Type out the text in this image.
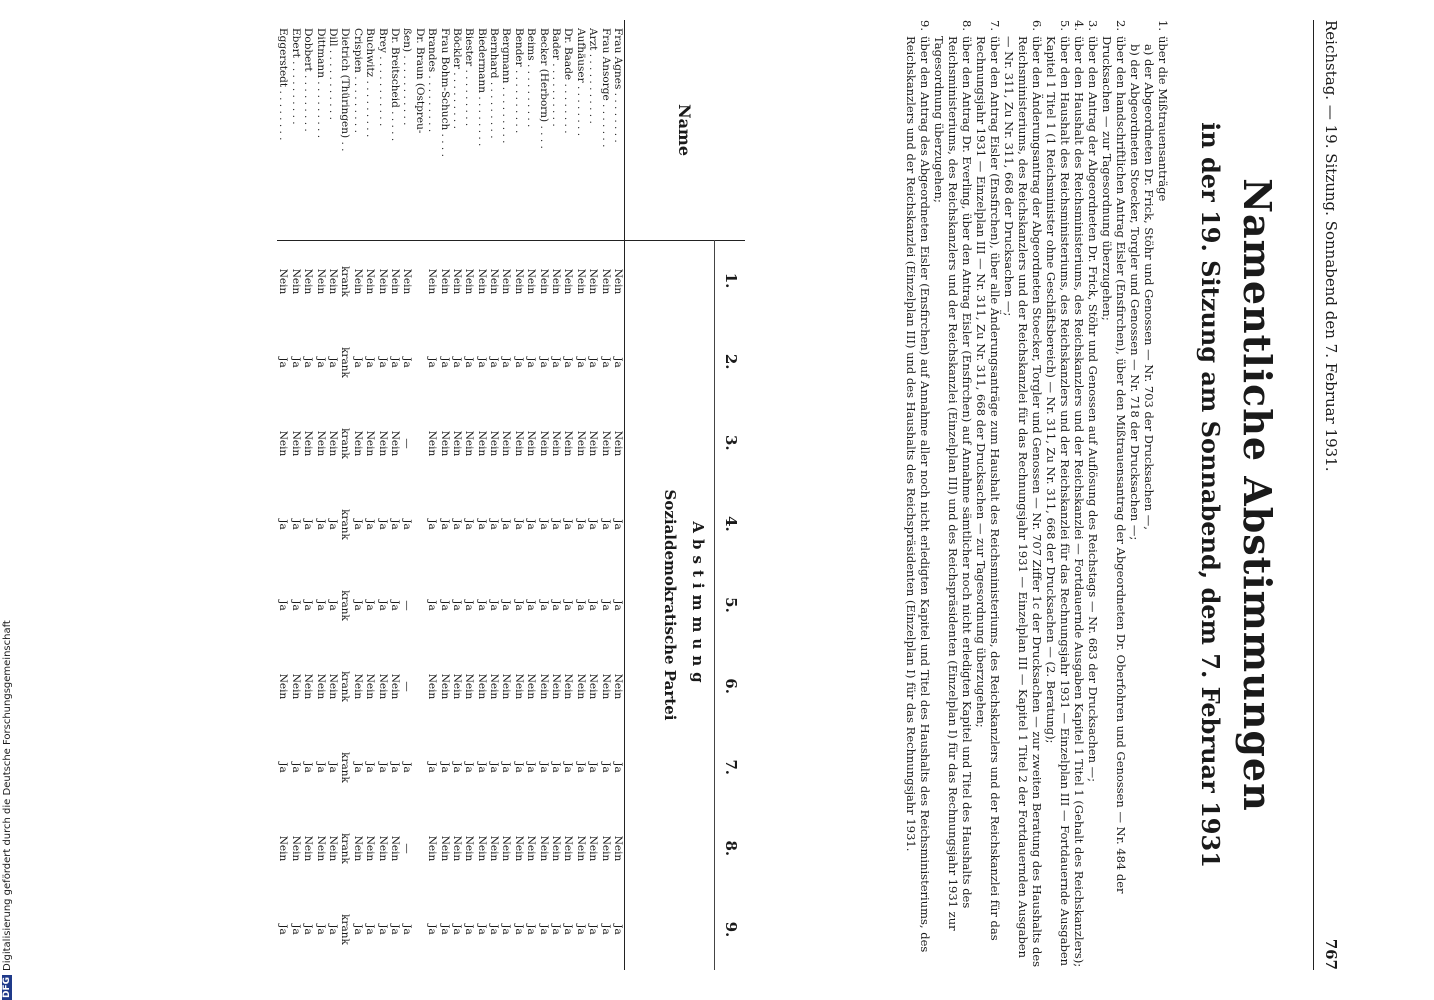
Reichstag. — 19. Sitzung. Sonnabend den 7. Februar 1931.
767
Namentliche Abstimmungen
in der 19. Sitzung am Sonnabend, dem 7. Februar 1931
1.
über die Mißtrauensanträge
a) der Abgeordneten Dr. Frick, Stöhr und Genossen — Nr. 703 der Drucksachen —,
b) der Abgeordneten Stoecker, Torgler und Genossen — Nr. 718 der Drucksachen —;
2.
über den handschriftlichen Antrag Eisler (Ensfirchen), über den Mißtrauensantrag der Abgeordneten Dr. Oberfohren und Genossen — Nr. 484 der Drucksachen — zur Tagesordnung überzugehen;
3.
über den Antrag der Abgeordneten Dr. Frick, Stöhr und Genossen auf Auflösung des Reichstags — Nr. 683 der Drucksachen —;
4.
über den Haushalt des Reichsministeriums, des Reichskanzlers und der Reichskanzlei — Fortdauernde Ausgaben Kapitel 1 Titel 1 (Gehalt des Reichskanzlers);
5.
über den Haushalt des Reichsministeriums, des Reichskanzlers und der Reichskanzlei für das Rechnungsjahr 1931 — Einzelplan III — Fortdauernde Ausgaben Kapitel 1 Titel 1 (1 Reichsminister ohne Geschäftsbereich) — Nr. 311, Zu Nr. 311, 668 der Drucksachen — (2. Beratung);
6.
über den Änderungsantrag der Abgeordneten Stoecker, Torgler und Genossen — Nr. 707 Ziffer 1c der Drucksachen — zur zweiten Beratung des Haushalts des Reichsministeriums, des Reichskanzlers und der Reichskanzlei für das Rechnungsjahr 1931 — Einzelplan III — Kapitel 1 Titel 2 der Fortdauernden Ausgaben — Nr. 311, Zu Nr. 311, 668 der Drucksachen —;
7.
über den Antrag Eisler (Ensfirchen), über alle Änderungsanträge zum Haushalt des Reichsministeriums, des Reichskanzlers und der Reichskanzlei für das Rechnungsjahr 1931 — Einzelplan III — Nr. 311, Zu Nr. 311, 668 der Drucksachen — zur Tagesordnung überzugehen;
8.
über den Antrag Dr. Everling, über den Antrag Eisler (Ensfirchen) auf Annahme sämtlicher noch nicht erledigten Kapitel und Titel des Haushalts des Reichsministeriums, des Reichskanzlers und der Reichskanzlei (Einzelplan III) und des Reichspräsidenten (Einzelplan I) für das Rechnungsjahr 1931 zur Tagesordnung überzugehen;
9.
über den Antrag des Abgeordneten Eisler (Ensfirchen) auf Annahme aller noch nicht erledigten Kapitel und Titel des Haushalts des Reichsministeriums, des Reichskanzlers und der Reichskanzlei (Einzelplan III) und des Haushalts des Reichspräsidenten (Einzelplan I) für das Rechnungsjahr 1931.
Name
1.
2.
3.
4.
5.
6.
7.
8.
9.
Abstimmung
Sozialdemokratische Partei
Frau Agnes . . . . . . . .
Nein
Ja
Nein
Ja
Ja
Nein
Ja
Nein
Ja
Frau Ansorge . . . . . . .
Nein
Ja
Nein
Ja
Ja
Nein
Ja
Nein
Ja
Arzt . . . . . . . . . . .
Nein
Ja
Nein
Ja
Ja
Nein
Ja
Nein
Ja
Aufhäuser . . . . . . . .
Nein
Ja
Nein
Ja
Ja
Nein
Ja
Nein
Ja
Dr. Baade . . . . . . . .
Nein
Ja
Nein
Ja
Ja
Nein
Ja
Nein
Ja
Bader . . . . . . . . . .
Nein
Ja
Nein
Ja
Ja
Nein
Ja
Nein
Ja
Becker (Herborn) . . . .
Nein
Ja
Nein
Ja
Ja
Nein
Ja
Nein
Ja
Beims . . . . . . . . . .
Nein
Ja
Nein
Ja
Ja
Nein
Ja
Nein
Ja
Bender . . . . . . . . . .
Nein
Ja
Nein
Ja
Ja
Nein
Ja
Nein
Ja
Bergmann . . . . . . . . .
Nein
Ja
Nein
Ja
Ja
Nein
Ja
Nein
Ja
Bernhard . . . . . . . . .
Nein
Ja
Nein
Ja
Ja
Nein
Ja
Nein
Ja
Biedermann . . . . . . . .
Nein
Ja
Nein
Ja
Ja
Nein
Ja
Nein
Ja
Biester . . . . . . . . .
Nein
Ja
Nein
Ja
Ja
Nein
Ja
Nein
Ja
Böckler . . . . . . . . .
Nein
Ja
Nein
Ja
Ja
Nein
Ja
Nein
Ja
Frau Bohm-Schuch . . . .
Nein
Ja
Nein
Ja
Ja
Nein
Ja
Nein
Ja
Brandes . . . . . . . . .
Nein
Ja
Nein
Ja
Ja
Nein
Ja
Nein
Ja
Dr. Braun (Ostpreu-
ßen) . . . . . . . . . . .
Nein
Ja
—
Ja
—
—
Ja
—
Ja
Dr. Breitscheid . . . . .
Nein
Ja
Nein
Ja
Ja
Nein
Ja
Nein
Ja
Brey . . . . . . . . . . .
Nein
Ja
Nein
Ja
Ja
Nein
Ja
Nein
Ja
Buchwitz . . . . . . . . .
Nein
Ja
Nein
Ja
Ja
Nein
Ja
Nein
Ja
Crispien . . . . . . . . .
Nein
Ja
Nein
Ja
Ja
Nein
Ja
Nein
Ja
Dietrich (Thüringen) . .
krank
krank
krank
krank
krank
krank
krank
krank
krank
Dill . . . . . . . . . . .
Nein
Ja
Nein
Ja
Ja
Nein
Ja
Nein
Ja
Dittmann . . . . . . . . .
Nein
Ja
Nein
Ja
Ja
Nein
Ja
Nein
Ja
Dobbert . . . . . . . . .
Nein
Ja
Nein
Ja
Ja
Nein
Ja
Nein
Ja
Ebert . . . . . . . . . .
Nein
Ja
Nein
Ja
Ja
Nein
Ja
Nein
Ja
Eggerstedt . . . . . . . .
Nein
Ja
Nein
Ja
Ja
Nein
Ja
Nein
Ja
DFG
Digitalisierung gefördert durch die Deutsche Forschungsgemeinschaft
